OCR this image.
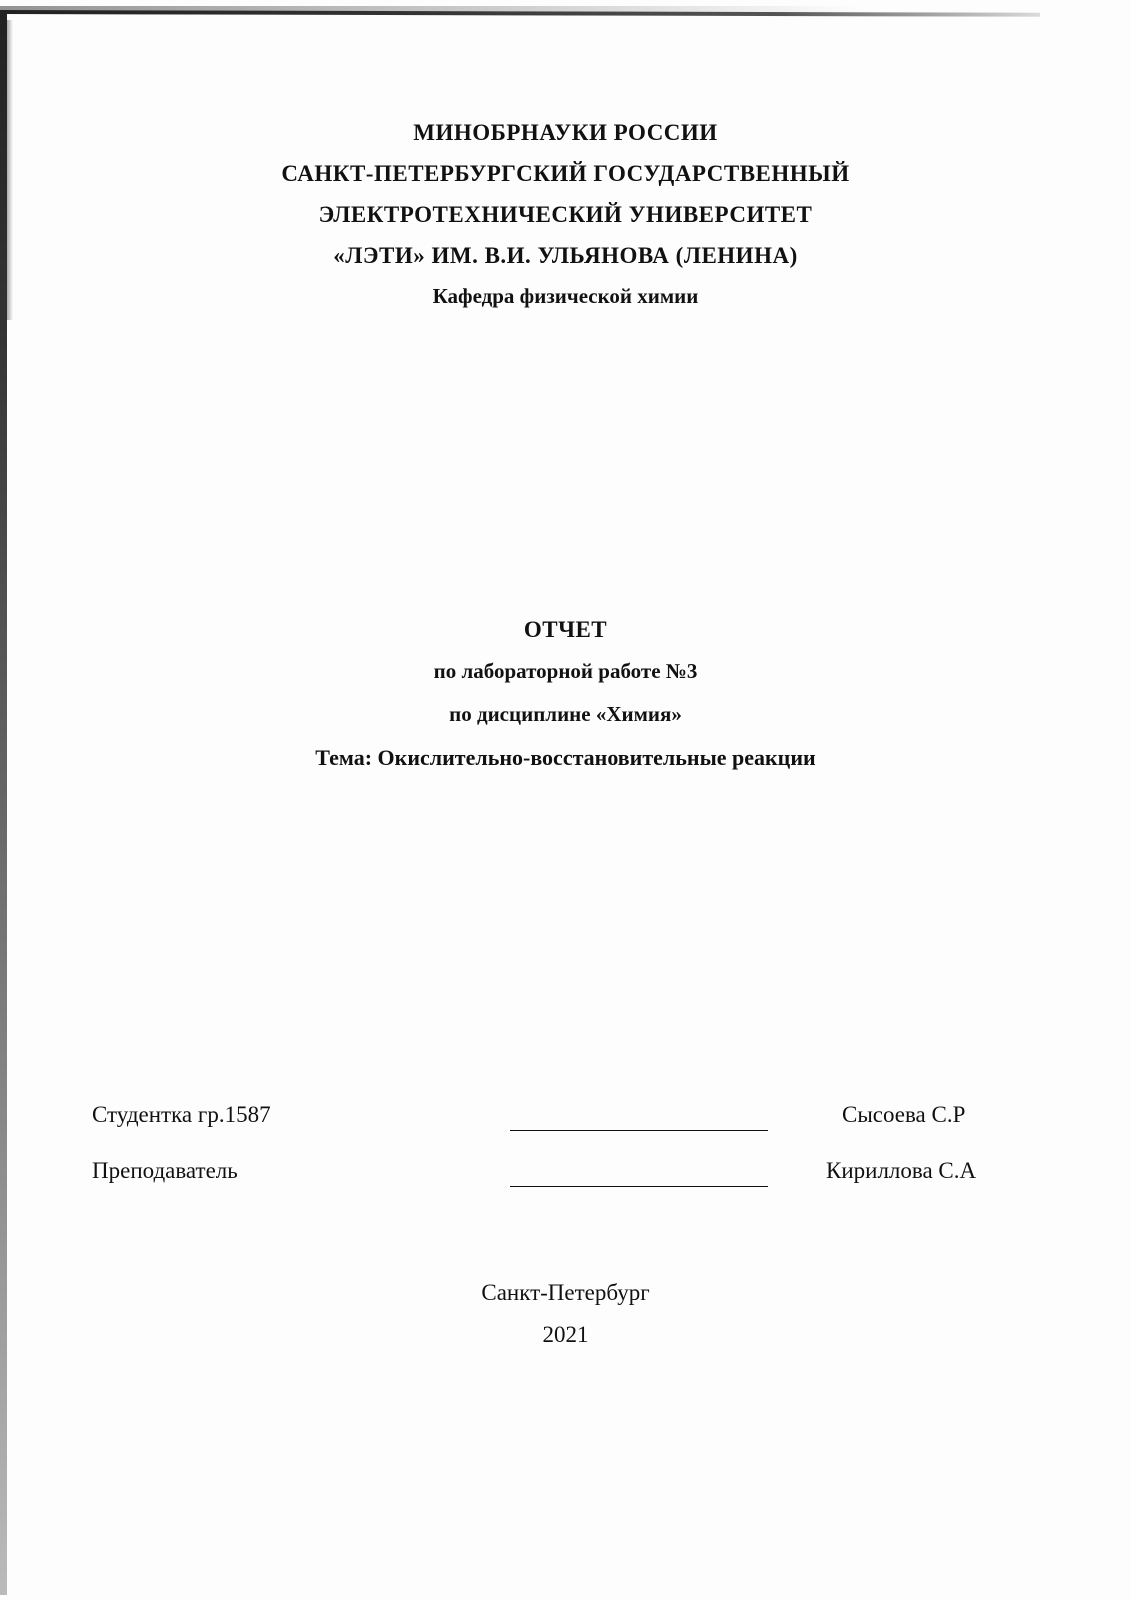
МИНОБРНАУКИ РОССИИ
САНКТ-ПЕТЕРБУРГСКИЙ ГОСУДАРСТВЕННЫЙ
ЭЛЕКТРОТЕХНИЧЕСКИЙ УНИВЕРСИТЕТ
«ЛЭТИ» ИМ. В.И. УЛЬЯНОВА (ЛЕНИНА)
Кафедра физической химии
ОТЧЕТ
по лабораторной работе №3
по дисциплине «Химия»
Тема: Окислительно-восстановительные реакции
Студентка гр.1587	Сысоева С.Р
Преподаватель	Кириллова С.А
Санкт-Петербург
2021
